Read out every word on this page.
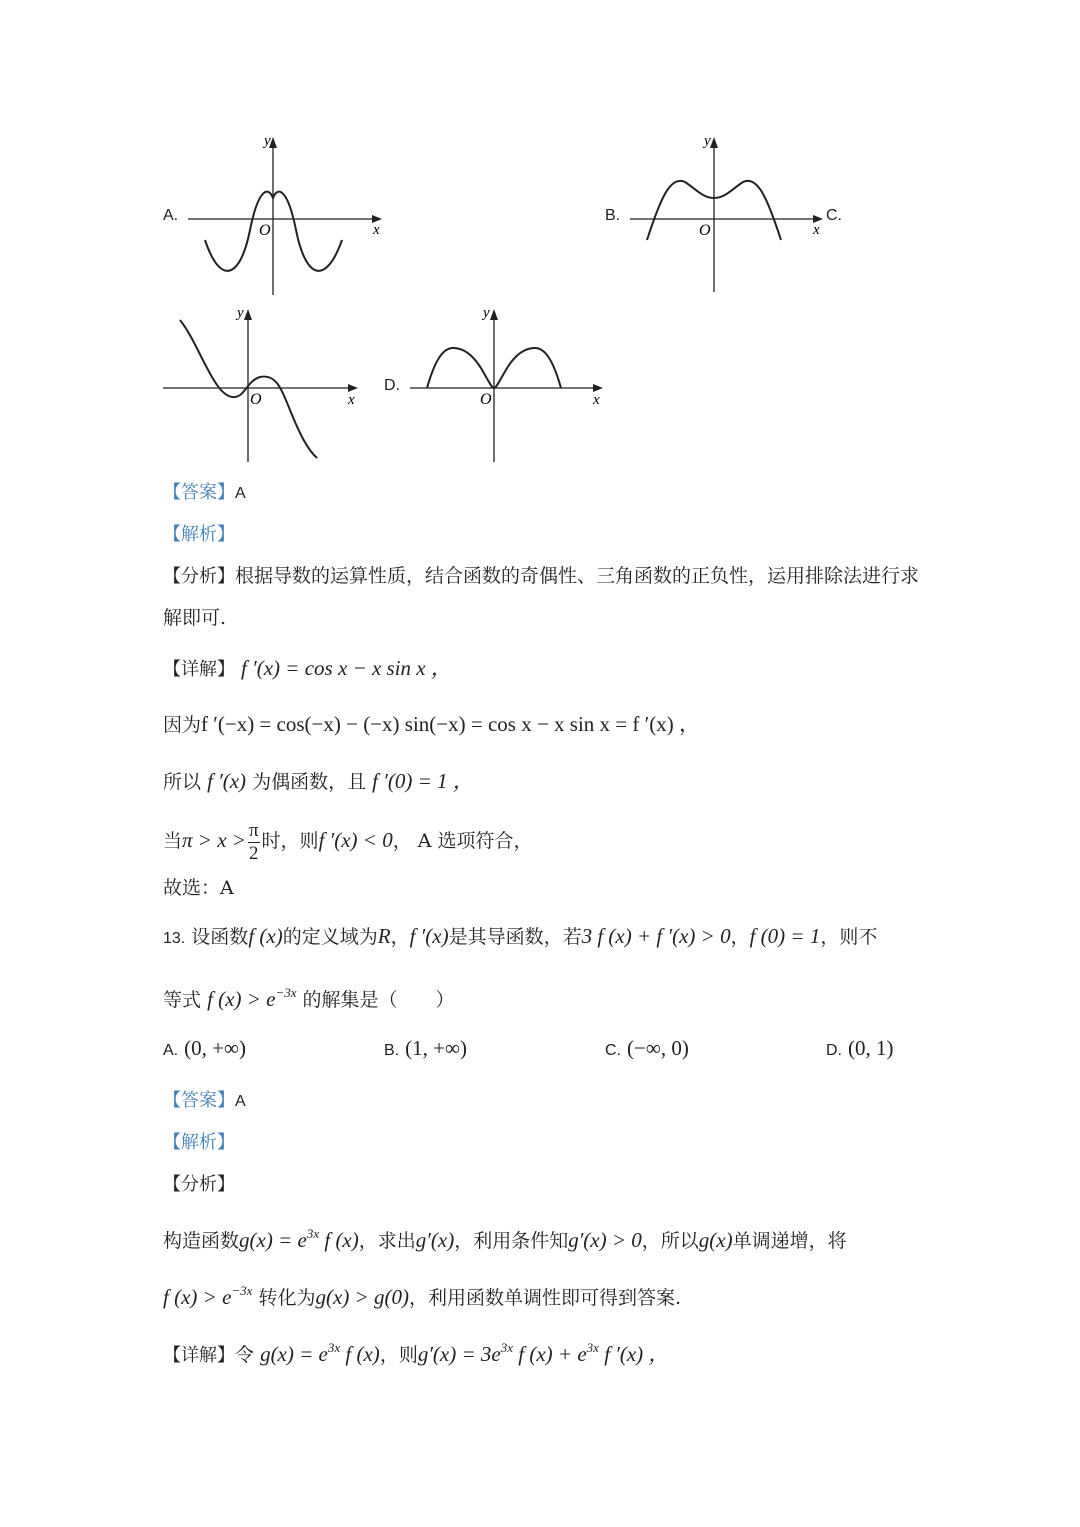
A.
y
x
O
B.
y
x
O
C.
y
x
O
D.
y
x
O
【答案】A
【解析】
【分析】根据导数的运算性质，结合函数的奇偶性、三角函数的正负性，运用排除法进行求
解即可.
【详解】 f ′(x) = cos x − x sin x ，
因为f ′(−x) = cos(−x) − (−x) sin(−x) = cos x − x sin x = f ′(x) ，
所以 f ′(x) 为偶函数，且 f ′(0) = 1 ，
当$\pi > x > \frac{\pi}{2}$ 时，则f ′(x) < 0， A 选项符合，
故选：A
13. 设函数f (x)的定义域为R，f ′(x)是其导函数，若3 f (x) + f ′(x) > 0，f (0) = 1，则不
等式 f $(x) > e^{-3x}$ 的解集是（　　）
A. (0, +∞)	B. (1, +∞)	C. (−∞, 0)	D. (0, 1)
【答案】A
【解析】
【分析】
构造函数$g(x) = e^{3x}$ f (x)，求出g′(x)，利用条件知g′(x) > 0，所以g(x)单调递增，将
f $(x) > e^{-3x}$ 转化为g(x) > g(0)，利用函数单调性即可得到答案.
【详解】令 $g(x) = e^{3x}$ f (x)，则$g'(x) = 3e^{3x}$ f $(x) + e^{3x}$ f ′(x) ，
